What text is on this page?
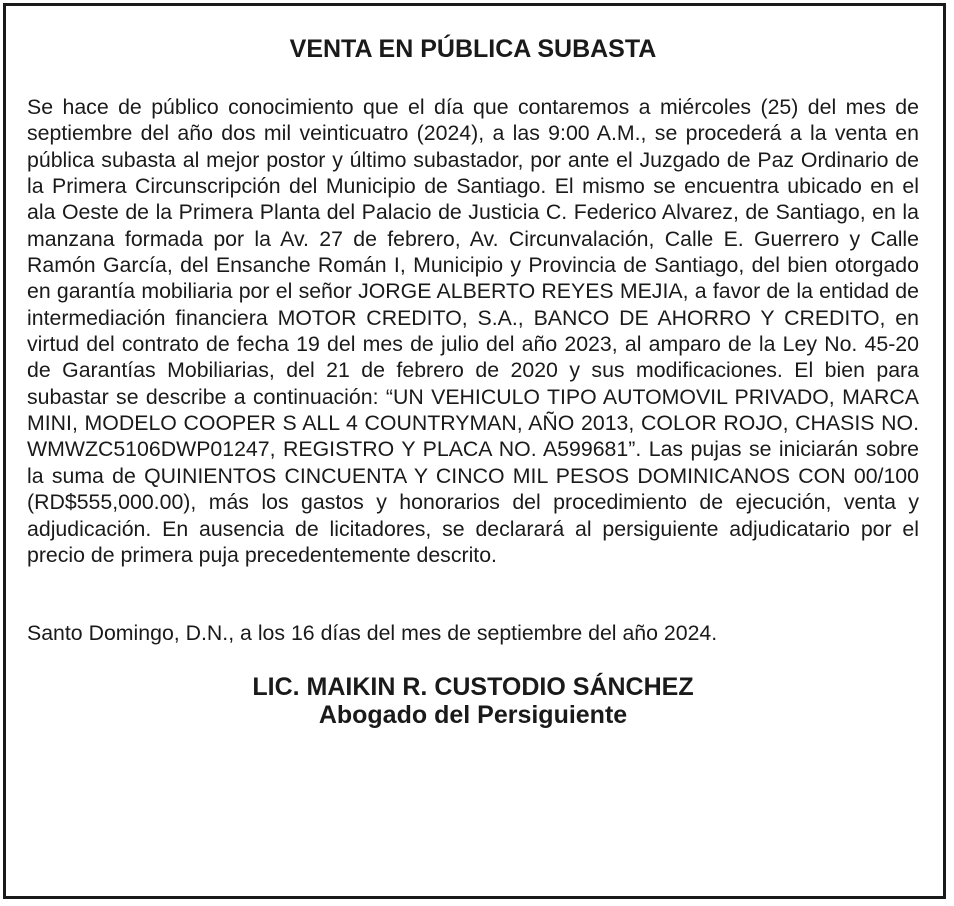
VENTA EN PÚBLICA SUBASTA

Se hace de público conocimiento que el día que contaremos a miércoles (25) del mes de septiembre del año dos mil veinticuatro (2024), a las 9:00 A.M., se procederá a la venta en pública subasta al mejor postor y último subastador, por ante el Juzgado de Paz Ordinario de la Primera Circunscripción del Municipio de Santiago. El mismo se encuentra ubicado en el ala Oeste de la Primera Planta del Palacio de Justicia C. Federico Alvarez, de Santiago, en la manzana formada por la Av. 27 de febrero, Av. Circunvalación, Calle E. Guerrero y Calle Ramón García, del Ensanche Román I, Municipio y Provincia de Santiago, del bien otorgado en garantía mobiliaria por el señor JORGE ALBERTO REYES MEJIA, a favor de la entidad de intermediación financiera MOTOR CREDITO, S.A., BANCO DE AHORRO Y CREDITO, en virtud del contrato de fecha 19 del mes de julio del año 2023, al amparo de la Ley No. 45-20 de Garantías Mobiliarias, del 21 de febrero de 2020 y sus modificaciones. El bien para subastar se describe a continuación: “UN VEHICULO TIPO AUTOMOVIL PRIVADO, MARCA MINI, MODELO COOPER S ALL 4 COUNTRYMAN, AÑO 2013, COLOR ROJO, CHASIS NO. WMWZC5106DWP01247, REGISTRO Y PLACA NO. A599681”. Las pujas se iniciarán sobre la suma de QUINIENTOS CINCUENTA Y CINCO MIL PESOS DOMINICANOS CON 00/100 (RD$555,000.00), más los gastos y honorarios del procedimiento de ejecución, venta y adjudicación. En ausencia de licitadores, se declarará al persiguiente adjudicatario por el precio de primera puja precedentemente descrito.

Santo Domingo, D.N., a los 16 días del mes de septiembre del año 2024.

LIC. MAIKIN R. CUSTODIO SÁNCHEZ
Abogado del Persiguiente
